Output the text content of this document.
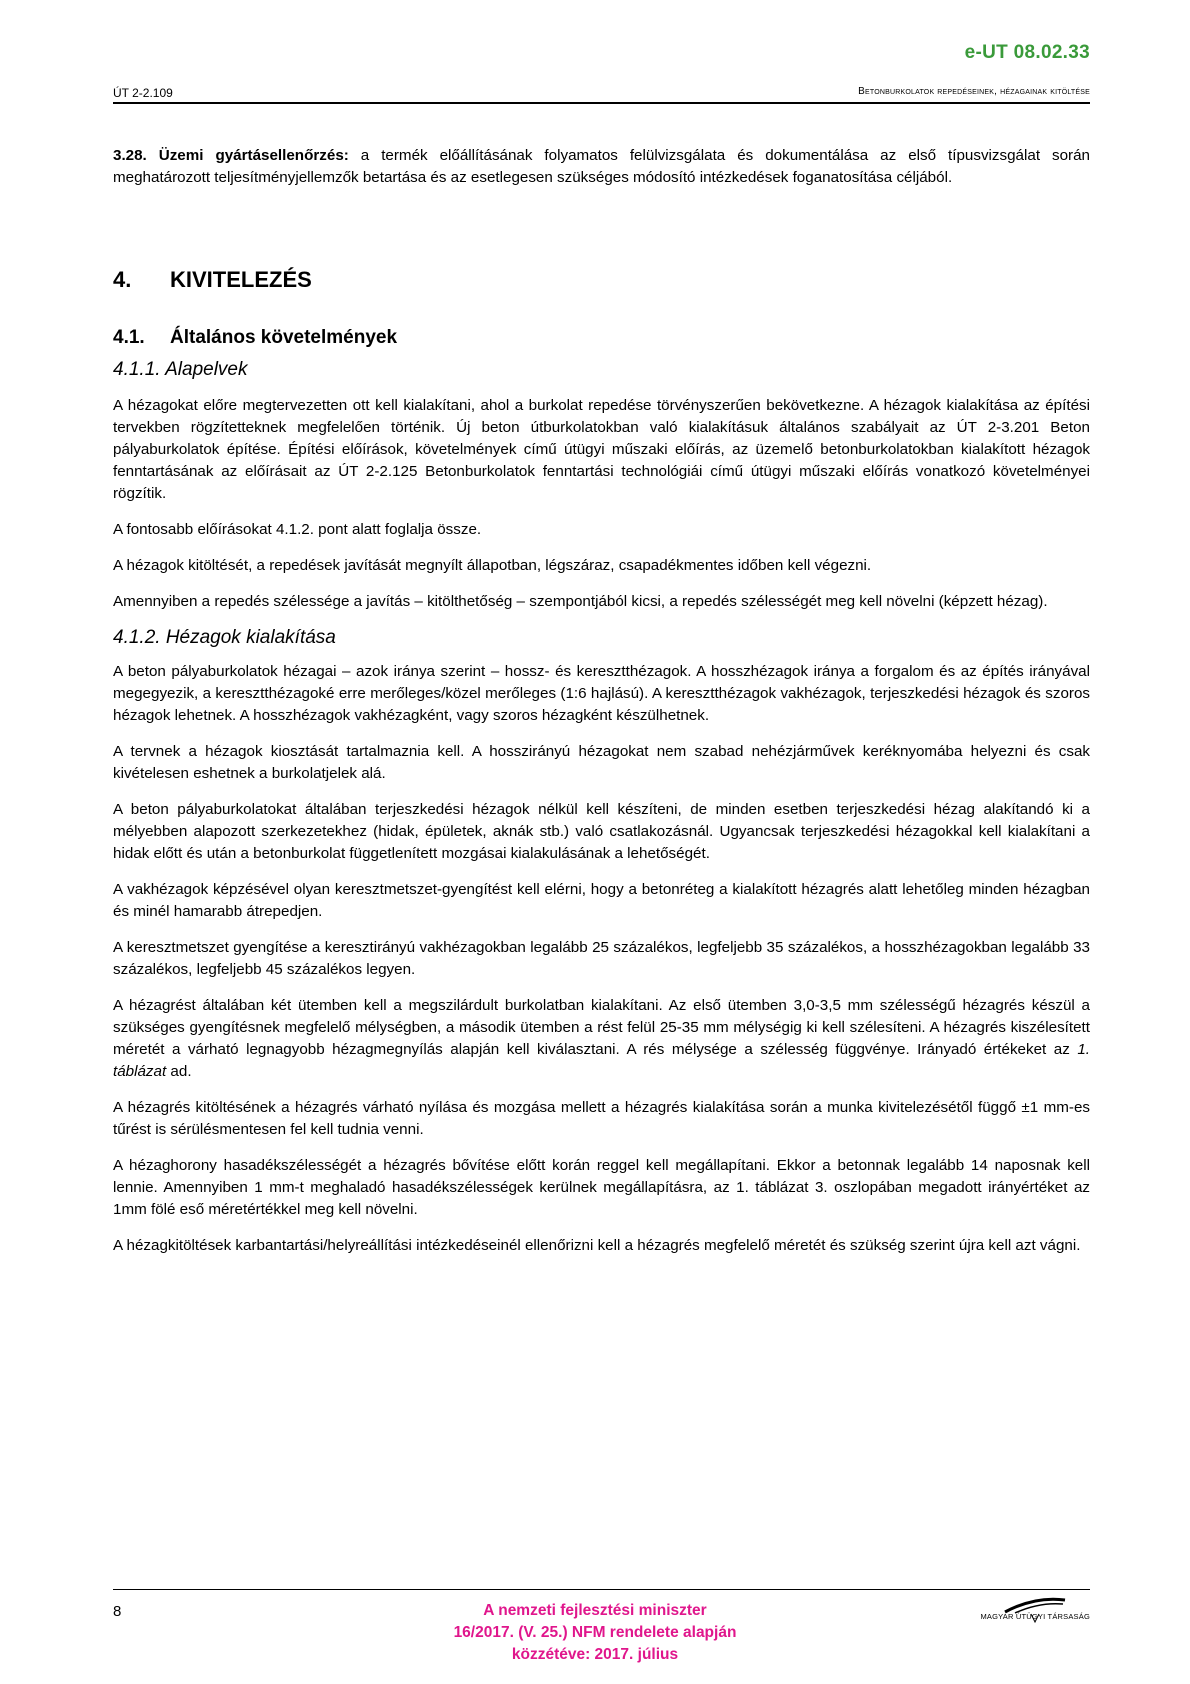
e-UT 08.02.33
ÚT 2-2.109	Betonburkolatok repedéseinek, hézagainak kitöltése

3.28. Üzemi gyártásellenőrzés: a termék előállításának folyamatos felülvizsgálata és dokumentálása az első típusvizsgálat során meghatározott teljesítményjellemzők betartása és az esetlegesen szükséges módosító intézkedések foganatosítása céljából.

4.	KIVITELEZÉS
4.1.	Általános követelmények
4.1.1. Alapelvek

A hézagokat előre megtervezetten ott kell kialakítani, ahol a burkolat repedése törvényszerűen bekövetkezne. A hézagok kialakítása az építési tervekben rögzítetteknek megfelelően történik. Új beton útburkolatokban való kialakításuk általános szabályait az ÚT 2-3.201 Beton pályaburkolatok építése. Építési előírások, követelmények című útügyi műszaki előírás, az üzemelő betonburkolatokban kialakított hézagok fenntartásának az előírásait az ÚT 2-2.125 Betonburkolatok fenntartási technológiái című útügyi műszaki előírás vonatkozó követelményei rögzítik.

A fontosabb előírásokat 4.1.2. pont alatt foglalja össze.

A hézagok kitöltését, a repedések javítását megnyílt állapotban, légszáraz, csapadékmentes időben kell végezni.

Amennyiben a repedés szélessége a javítás – kitölthetőség – szempontjából kicsi, a repedés szélességét meg kell növelni (képzett hézag).

4.1.2. Hézagok kialakítása

A beton pályaburkolatok hézagai – azok iránya szerint – hossz- és keresztthézagok. A hosszhézagok iránya a forgalom és az építés irányával megegyezik, a keresztthézagoké erre merőleges/közel merőleges (1:6 hajlású). A keresztthézagok vakhézagok, terjeszkedési hézagok és szoros hézagok lehetnek. A hosszhézagok vakhézagként, vagy szoros hézagként készülhetnek.

A tervnek a hézagok kiosztását tartalmaznia kell. A hosszirányú hézagokat nem szabad nehézjárművek keréknyomába helyezni és csak kivételesen eshetnek a burkolatjelek alá.

A beton pályaburkolatokat általában terjeszkedési hézagok nélkül kell készíteni, de minden esetben terjeszkedési hézag alakítandó ki a mélyebben alapozott szerkezetekhez (hidak, épületek, aknák stb.) való csatlakozásnál. Ugyancsak terjeszkedési hézagokkal kell kialakítani a hidak előtt és után a betonburkolat függetlenített mozgásai kialakulásának a lehetőségét.

A vakhézagok képzésével olyan keresztmetszet-gyengítést kell elérni, hogy a betonréteg a kialakított hézagrés alatt lehetőleg minden hézagban és minél hamarabb átrepedjen.

A keresztmetszet gyengítése a keresztirányú vakhézagokban legalább 25 százalékos, legfeljebb 35 százalékos, a hosszhézagokban legalább 33 százalékos, legfeljebb 45 százalékos legyen.

A hézagrést általában két ütemben kell a megszilárdult burkolatban kialakítani. Az első ütemben 3,0-3,5 mm szélességű hézagrés készül a szükséges gyengítésnek megfelelő mélységben, a második ütemben a rést felül 25-35 mm mélységig ki kell szélesíteni. A hézagrés kiszélesített méretét a várható legnagyobb hézagmegnyílás alapján kell kiválasztani. A rés mélysége a szélesség függvénye. Irányadó értékeket az 1. táblázat ad.

A hézagrés kitöltésének a hézagrés várható nyílása és mozgása mellett a hézagrés kialakítása során a munka kivitelezésétől függő ±1 mm-es tűrést is sérülésmentesen fel kell tudnia venni.

A hézaghorony hasadékszélességét a hézagrés bővítése előtt korán reggel kell megállapítani. Ekkor a betonnak legalább 14 naposnak kell lennie. Amennyiben 1 mm-t meghaladó hasadékszélességek kerülnek megállapításra, az 1. táblázat 3. oszlopában megadott irányértéket az 1mm fölé eső méretértékkel meg kell növelni.

A hézagkitöltések karbantartási/helyreállítási intézkedéseinél ellenőrizni kell a hézagrés megfelelő méretét és szükség szerint újra kell azt vágni.

8	A nemzeti fejlesztési miniszter
16/2017. (V. 25.) NFM rendelete alapján
közzétéve: 2017. július
MAGYAR ÚTÜGYI TÁRSASÁG
